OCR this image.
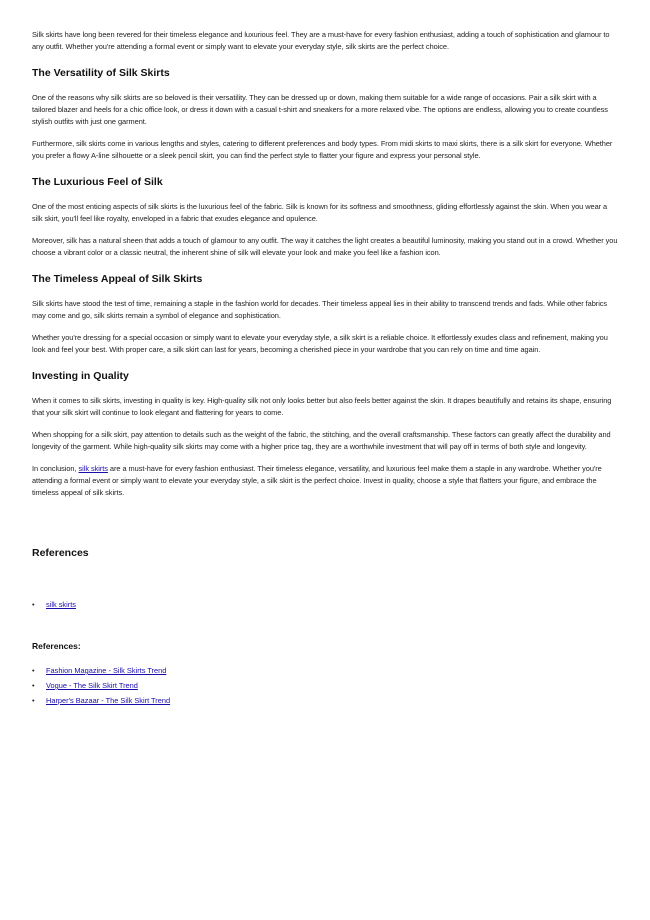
Silk skirts have long been revered for their timeless elegance and luxurious feel. They are a must-have for every fashion enthusiast, adding a touch of sophistication and glamour to any outfit. Whether you're attending a formal event or simply want to elevate your everyday style, silk skirts are the perfect choice.

The Versatility of Silk Skirts

One of the reasons why silk skirts are so beloved is their versatility. They can be dressed up or down, making them suitable for a wide range of occasions. Pair a silk skirt with a tailored blazer and heels for a chic office look, or dress it down with a casual t-shirt and sneakers for a more relaxed vibe. The options are endless, allowing you to create countless stylish outfits with just one garment.

Furthermore, silk skirts come in various lengths and styles, catering to different preferences and body types. From midi skirts to maxi skirts, there is a silk skirt for everyone. Whether you prefer a flowy A-line silhouette or a sleek pencil skirt, you can find the perfect style to flatter your figure and express your personal style.

The Luxurious Feel of Silk

One of the most enticing aspects of silk skirts is the luxurious feel of the fabric. Silk is known for its softness and smoothness, gliding effortlessly against the skin. When you wear a silk skirt, you'll feel like royalty, enveloped in a fabric that exudes elegance and opulence.

Moreover, silk has a natural sheen that adds a touch of glamour to any outfit. The way it catches the light creates a beautiful luminosity, making you stand out in a crowd. Whether you choose a vibrant color or a classic neutral, the inherent shine of silk will elevate your look and make you feel like a fashion icon.

The Timeless Appeal of Silk Skirts

Silk skirts have stood the test of time, remaining a staple in the fashion world for decades. Their timeless appeal lies in their ability to transcend trends and fads. While other fabrics may come and go, silk skirts remain a symbol of elegance and sophistication.

Whether you're dressing for a special occasion or simply want to elevate your everyday style, a silk skirt is a reliable choice. It effortlessly exudes class and refinement, making you look and feel your best. With proper care, a silk skirt can last for years, becoming a cherished piece in your wardrobe that you can rely on time and time again.

Investing in Quality

When it comes to silk skirts, investing in quality is key. High-quality silk not only looks better but also feels better against the skin. It drapes beautifully and retains its shape, ensuring that your silk skirt will continue to look elegant and flattering for years to come.

When shopping for a silk skirt, pay attention to details such as the weight of the fabric, the stitching, and the overall craftsmanship. These factors can greatly affect the durability and longevity of the garment. While high-quality silk skirts may come with a higher price tag, they are a worthwhile investment that will pay off in terms of both style and longevity.

In conclusion, silk skirts are a must-have for every fashion enthusiast. Their timeless elegance, versatility, and luxurious feel make them a staple in any wardrobe. Whether you're attending a formal event or simply want to elevate your everyday style, a silk skirt is the perfect choice. Invest in quality, choose a style that flatters your figure, and embrace the timeless appeal of silk skirts.

References
• silk skirts
References:
• Fashion Magazine - Silk Skirts Trend
• Vogue - The Silk Skirt Trend
• Harper's Bazaar - The Silk Skirt Trend
